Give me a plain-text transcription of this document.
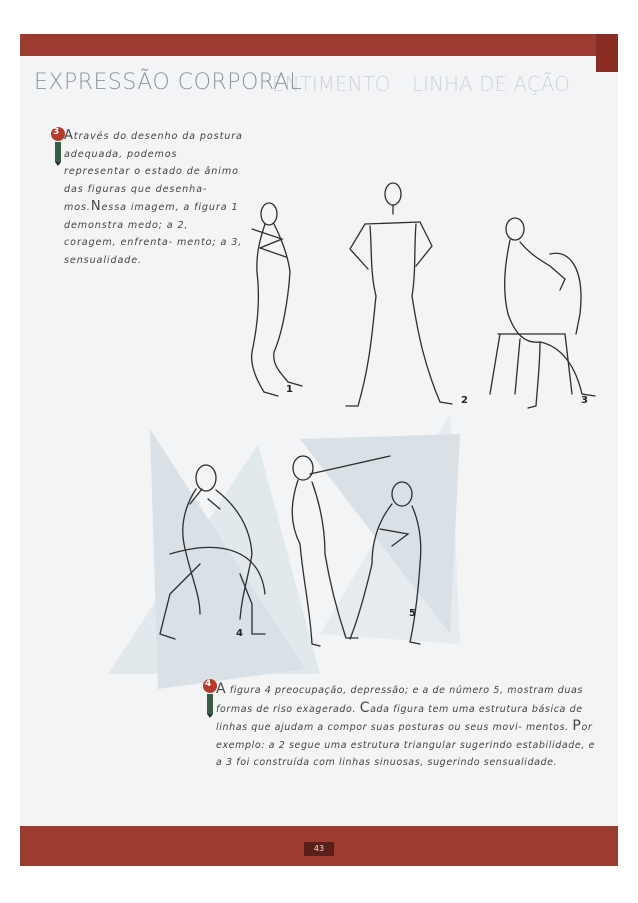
ENTIMENTO LINHA DE AÇÃO
EXPRESSÃO CORPORAL
3 Através do desenho da postura adequada, podemos representar o estado de ânimo das figuras que desenha- mos.Nessa imagem, a figura 1 demonstra medo; a 2, coragem, enfrenta- mento; a 3, sensualidade.
1
2	3
4
5
4 A figura 4 preocupação, depressão; e a de número 5, mostram duas formas de riso exagerado. Cada figura tem uma estrutura básica de linhas que ajudam a compor suas posturas ou seus movi- mentos. Por exemplo: a 2 segue uma estrutura triangular sugerindo estabilidade, e a 3 foi construída com linhas sinuosas, sugerindo sensualidade.
43
